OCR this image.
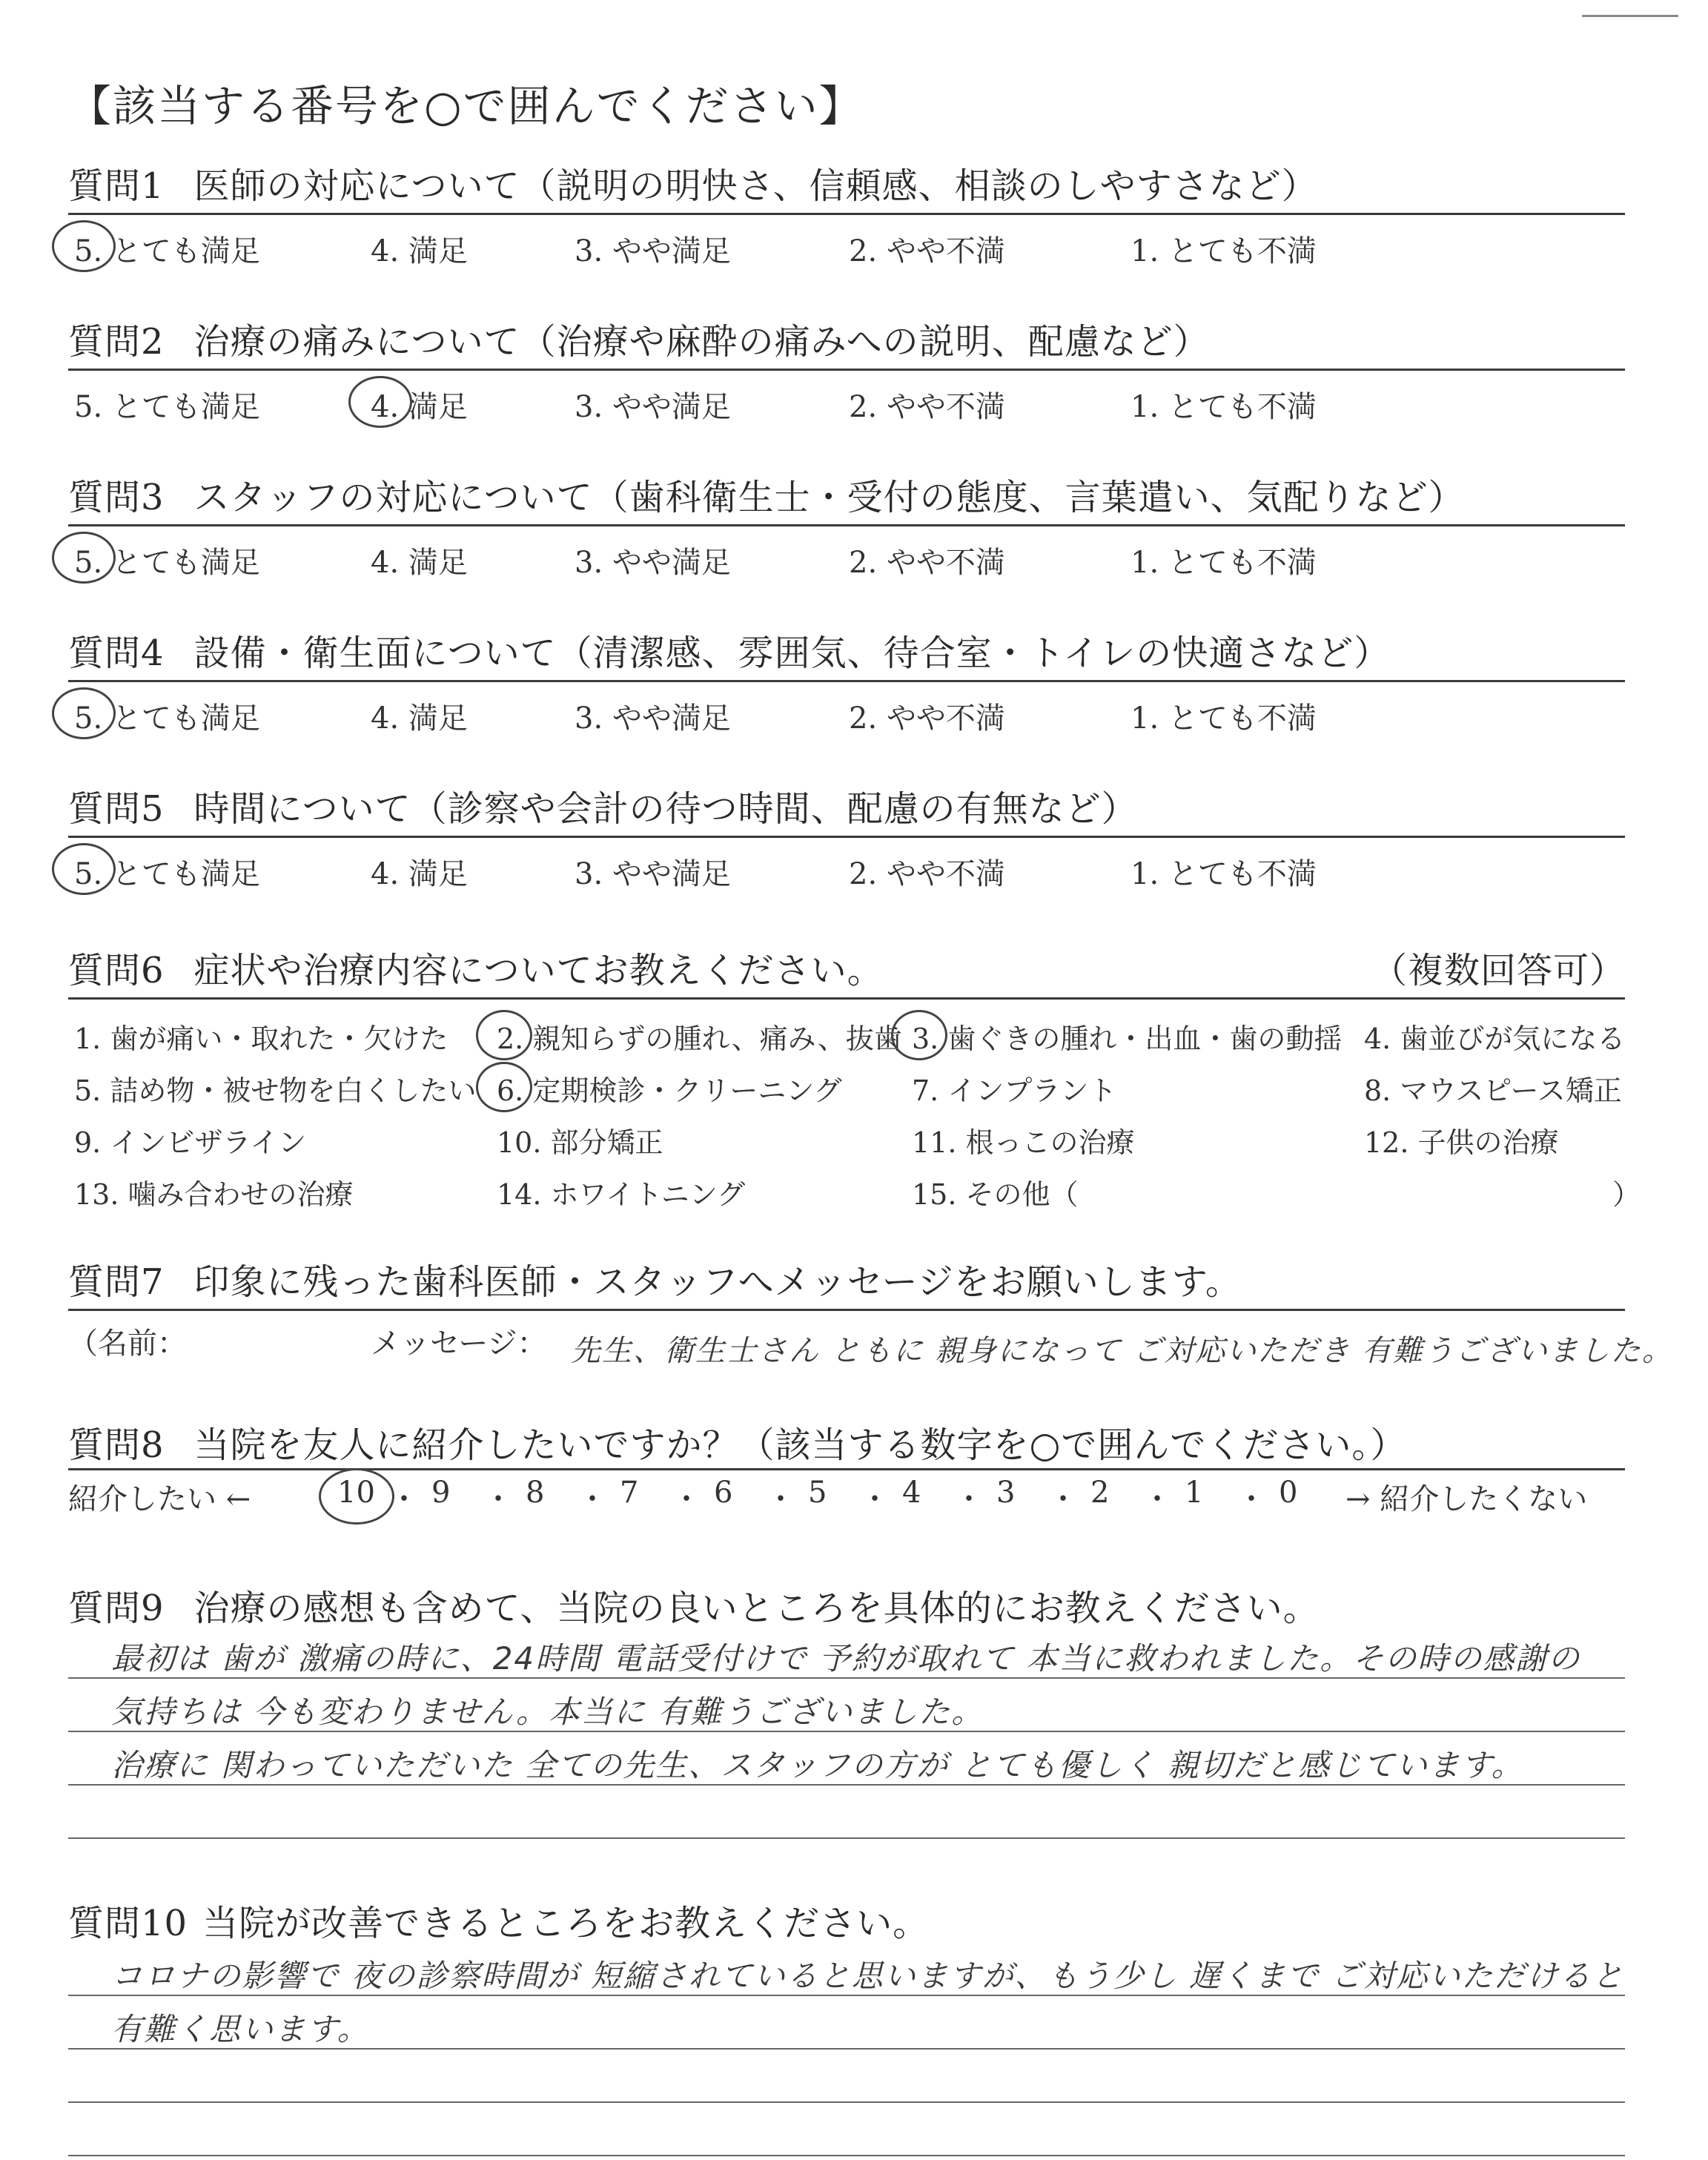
【該当する番号を○で囲んでください】
質問1 医師の対応について（説明の明快さ、信頼感、相談のしやすさなど）
5. とても満足	4. 満足	3. やや満足	2. やや不満	1. とても不満
質問2 治療の痛みについて（治療や麻酔の痛みへの説明、配慮など）
5. とても満足	4. 満足	3. やや満足	2. やや不満	1. とても不満
質問3 スタッフの対応について（歯科衛生士・受付の態度、言葉遣い、気配りなど）
5. とても満足	4. 満足	3. やや満足	2. やや不満	1. とても不満
質問4 設備・衛生面について（清潔感、雰囲気、待合室・トイレの快適さなど）
5. とても満足	4. 満足	3. やや満足	2. やや不満	1. とても不満
質問5 時間について（診察や会計の待つ時間、配慮の有無など）
5. とても満足	4. 満足	3. やや満足	2. やや不満	1. とても不満
質問6 症状や治療内容についてお教えください。	（複数回答可）
1. 歯が痛い・取れた・欠けた 2. 親知らずの腫れ、痛み、抜歯 3. 歯ぐきの腫れ・出血・歯の動揺 4. 歯並びが気になる
5. 詰め物・被せ物を白くしたい 6. 定期検診・クリーニング 7. インプラント	8. マウスピース矯正
9. インビザライン	10. 部分矯正	11. 根っこの治療	12. 子供の治療
13. 噛み合わせの治療	14. ホワイトニング	15. その他（	）
質問7 印象に残った歯科医師・スタッフへメッセージをお願いします。
（名前：	メッセージ： 先生、衛生士さん ともに 親身になって ご対応いただき 有難うございました。
質問8 当院を友人に紹介したいですか？（該当する数字を○で囲んでください。）
紹介したい ←	10 ・ 9 ・ 8 ・ 7 ・ 6 ・ 5 ・ 4 ・ 3 ・ 2 ・ 1 ・ 0 → 紹介したくない
質問9 治療の感想も含めて、当院の良いところを具体的にお教えください。
最初は 歯が 激痛の時に、24時間 電話受付けで 予約が取れて 本当に救われました。その時の感謝の
気持ちは 今も変わりません。本当に 有難うございました。
治療に 関わっていただいた 全ての先生、スタッフの方が とても優しく 親切だと感じています。
質問10 当院が改善できるところをお教えください。
コロナの影響で 夜の診察時間が 短縮されていると思いますが、もう少し 遅くまで ご対応いただけると
有難く思います。
